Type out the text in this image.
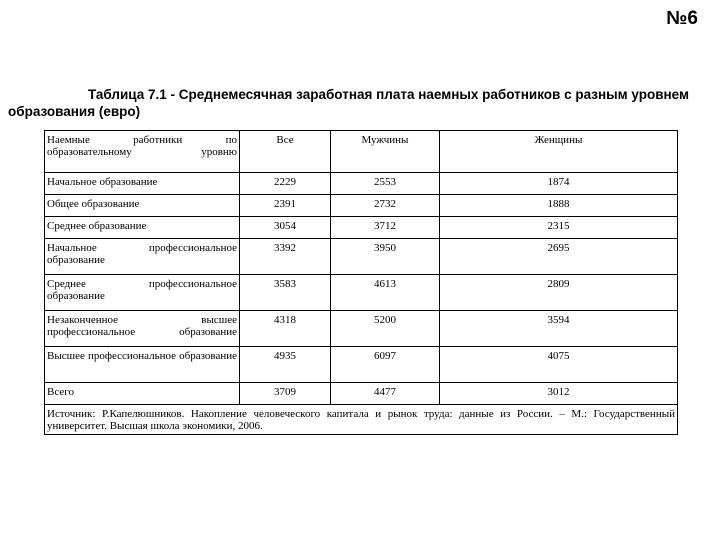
№6
Таблица 7.1 - Среднемесячная заработная плата наемных работников с разным уровнем образования (евро)
Наемные работники по образовательному уровню	Все	Мужчины	Женщины
Начальное образование	2229	2553	1874
Общее образование	2391	2732	1888
Среднее образование	3054	3712	2315
Начальное профессиональное образование	3392	3950	2695
Среднее профессиональное образование	3583	4613	2809
Незаконченное высшее профессиональное образование	4318	5200	3594
Высшее профессиональное образование	4935	6097	4075
Всего	3709	4477	3012
Источник: Р.Капелюшников. Накопление человеческого капитала и рынок труда: данные из России. – М.: Государственный университет. Высшая школа экономики, 2006.			
